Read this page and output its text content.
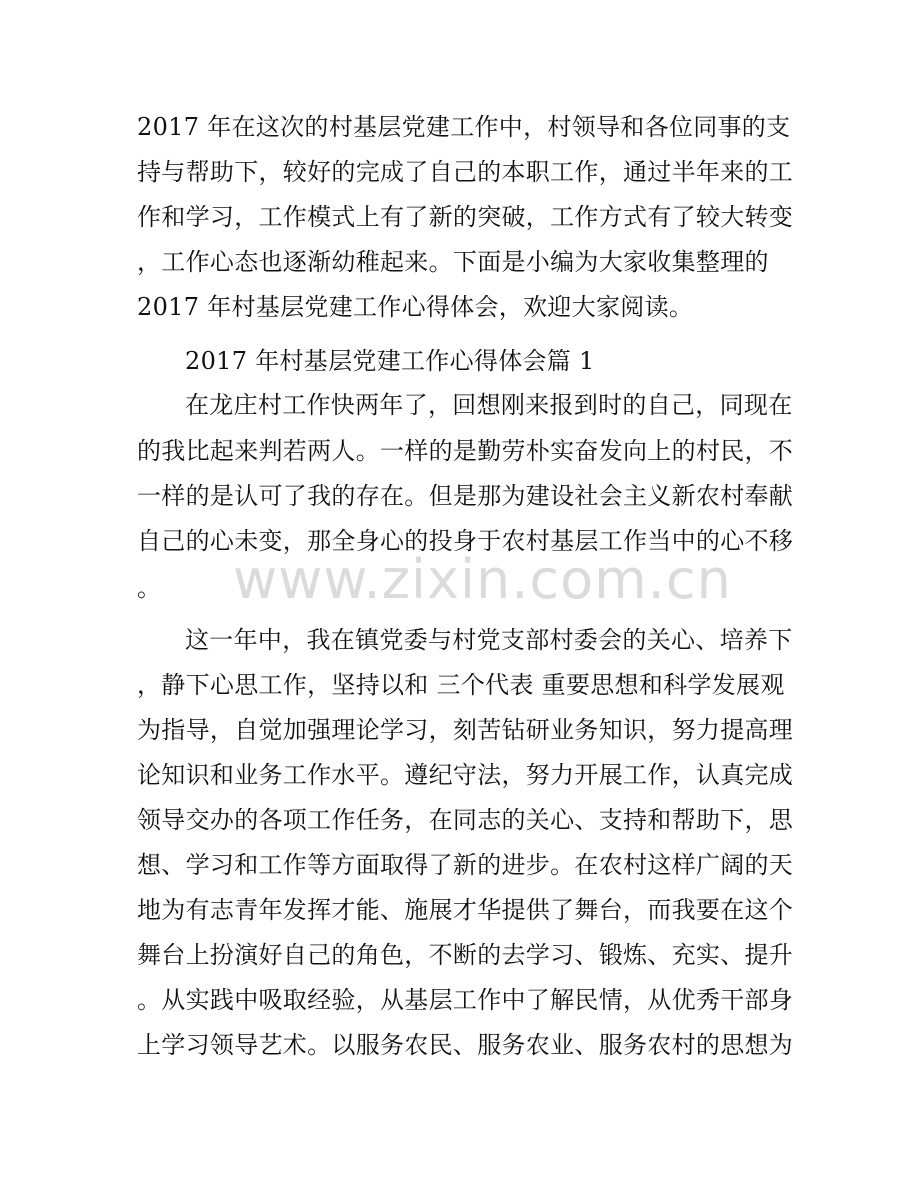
2017 年在这次的村基层党建工作中，村领导和各位同事的支
持与帮助下，较好的完成了自己的本职工作，通过半年来的工
作和学习，工作模式上有了新的突破，工作方式有了较大转变
，工作心态也逐渐幼稚起来。下面是小编为大家收集整理的
2017 年村基层党建工作心得体会，欢迎大家阅读。
2017 年村基层党建工作心得体会篇 1
在龙庄村工作快两年了，回想刚来报到时的自己，同现在
的我比起来判若两人。一样的是勤劳朴实奋发向上的村民，不
一样的是认可了我的存在。但是那为建设社会主义新农村奉献
自己的心未变，那全身心的投身于农村基层工作当中的心不移
。	www.zixin.com.cn
这一年中，我在镇党委与村党支部村委会的关心、培养下
，静下心思工作，坚持以和 三个代表 重要思想和科学发展观
为指导，自觉加强理论学习，刻苦钻研业务知识，努力提高理
论知识和业务工作水平。遵纪守法，努力开展工作，认真完成
领导交办的各项工作任务，在同志的关心、支持和帮助下，思
想、学习和工作等方面取得了新的进步。在农村这样广阔的天
地为有志青年发挥才能、施展才华提供了舞台，而我要在这个
舞台上扮演好自己的角色，不断的去学习、锻炼、充实、提升
。从实践中吸取经验，从基层工作中了解民情，从优秀干部身
上学习领导艺术。以服务农民、服务农业、服务农村的思想为
